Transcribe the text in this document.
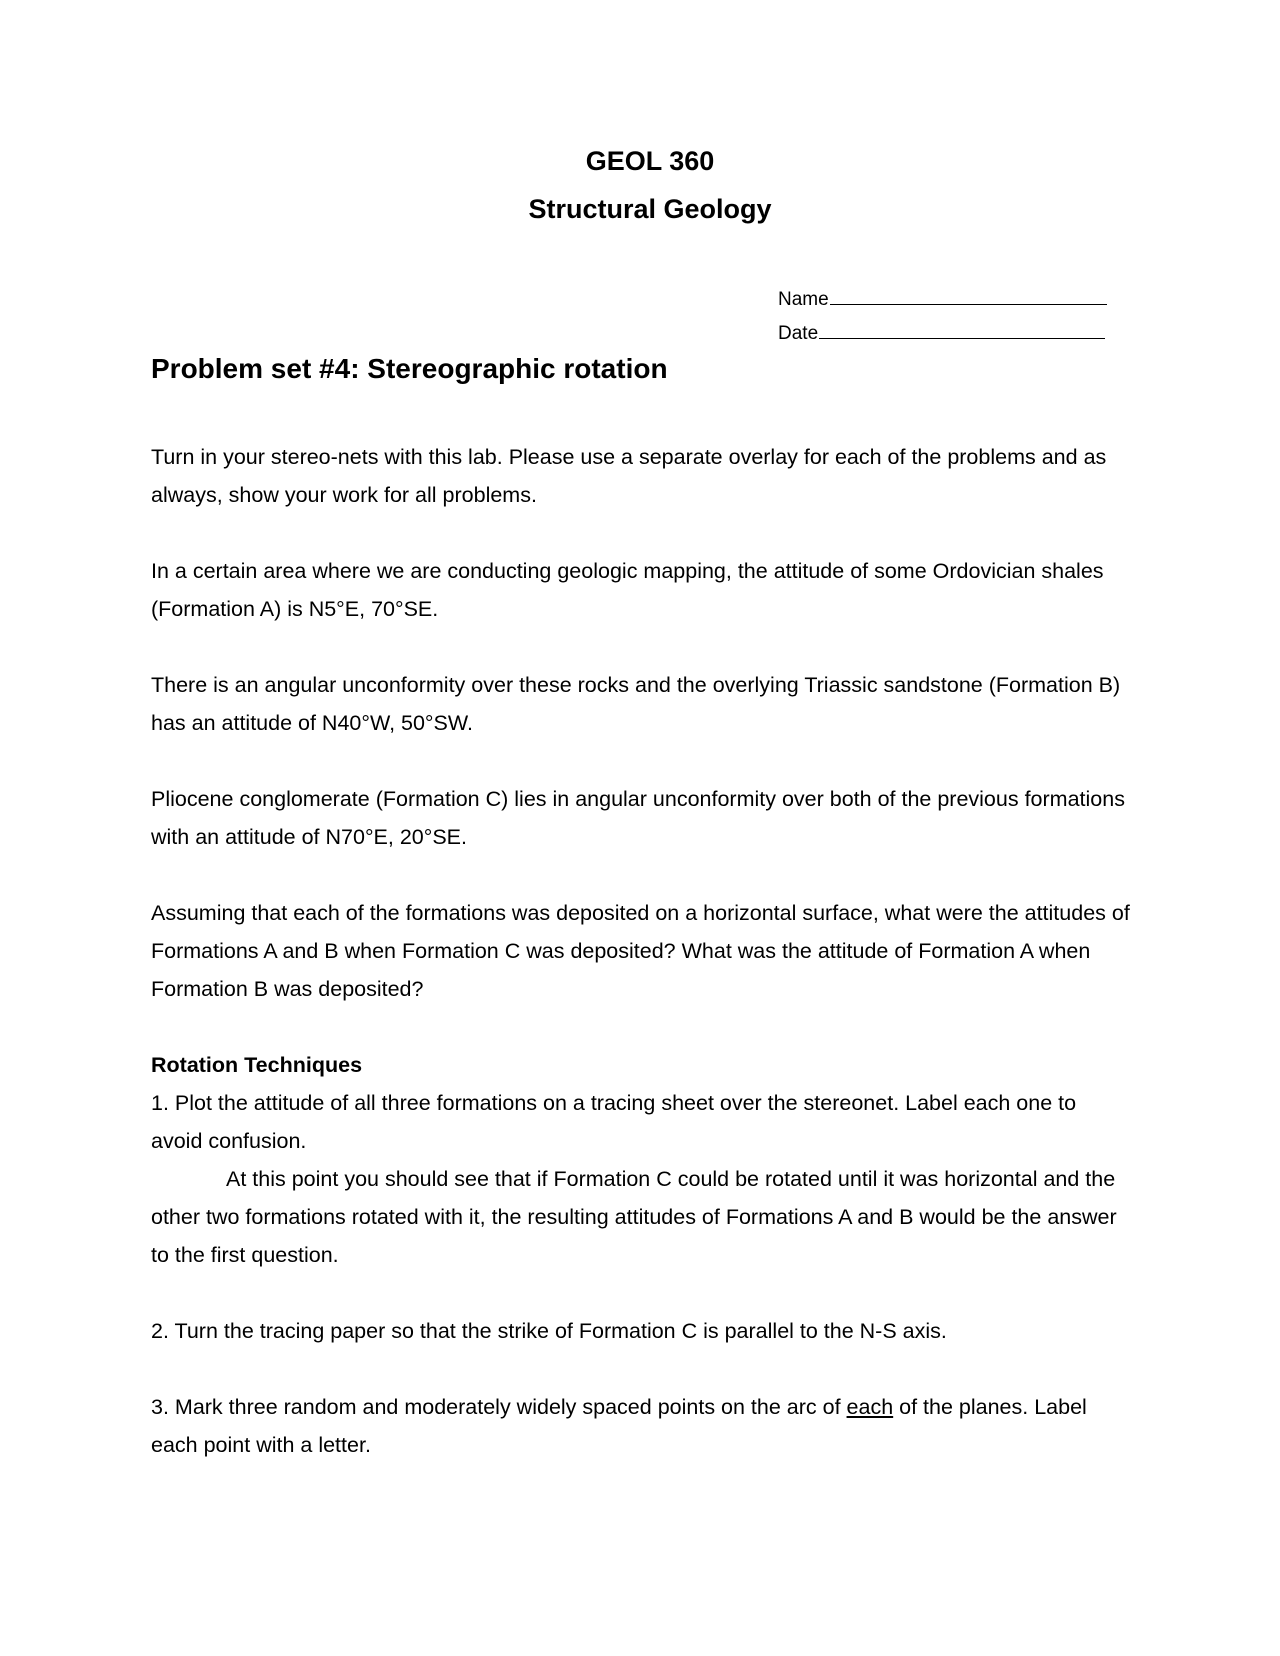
GEOL 360
Structural Geology
Name
Date
Problem set #4: Stereographic rotation

Turn in your stereo-nets with this lab. Please use a separate overlay for each of the problems and as always, show your work for all problems.

In a certain area where we are conducting geologic mapping, the attitude of some Ordovician shales (Formation A) is N5°E, 70°SE.

There is an angular unconformity over these rocks and the overlying Triassic sandstone (Formation B) has an attitude of N40°W, 50°SW.

Pliocene conglomerate (Formation C) lies in angular unconformity over both of the previous formations with an attitude of N70°E, 20°SE.

Assuming that each of the formations was deposited on a horizontal surface, what were the attitudes of Formations A and B when Formation C was deposited? What was the attitude of Formation A when Formation B was deposited?

Rotation Techniques

1. Plot the attitude of all three formations on a tracing sheet over the stereonet. Label each one to avoid confusion.

At this point you should see that if Formation C could be rotated until it was horizontal and the other two formations rotated with it, the resulting attitudes of Formations A and B would be the answer to the first question.

2. Turn the tracing paper so that the strike of Formation C is parallel to the N-S axis.

3. Mark three random and moderately widely spaced points on the arc of each of the planes. Label each point with a letter.
